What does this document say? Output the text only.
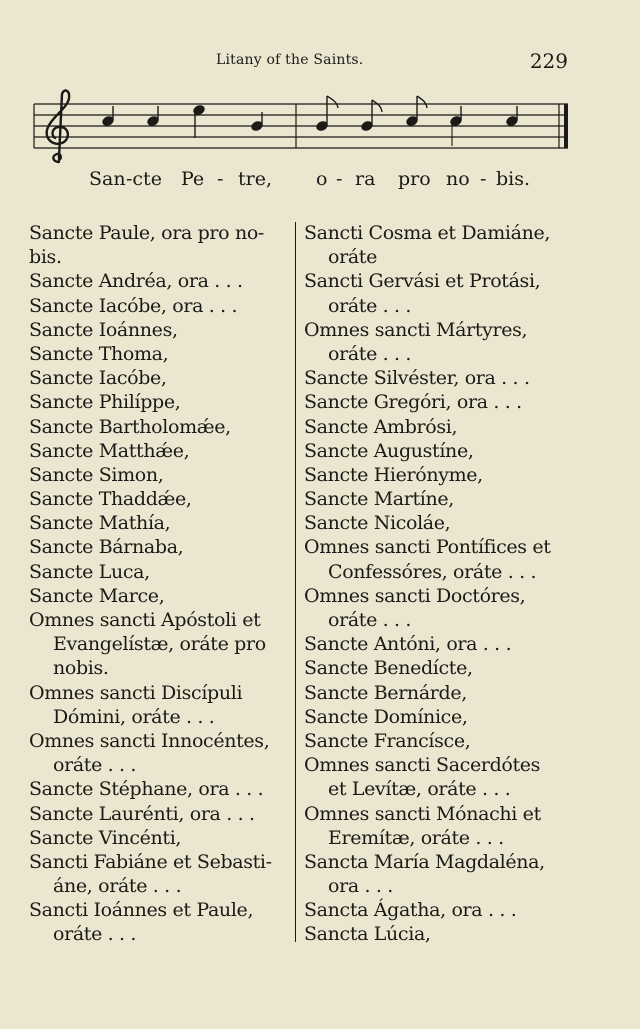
Litany of the Saints.	229
San -cte Pe - tre, o - ra pro no - bis.
Sancte Paule, ora pro no-
bis.
Sancte Andréa, ora . . .
Sancte Iacóbe, ora . . .
Sancte Ioánnes,
Sancte Thoma,
Sancte Iacóbe,
Sancte Philíppe,
Sancte Bartholomǽe,
Sancte Matthǽe,
Sancte Simon,
Sancte Thaddǽe,
Sancte Mathía,
Sancte Bárnaba,
Sancte Luca,
Sancte Marce,
Omnes sancti Apóstoli et
Evangelístæ, oráte pro
nobis.
Omnes sancti Discípuli
Dómini, oráte . . .
Omnes sancti Innocéntes,
oráte . . .
Sancte Stéphane, ora . . .
Sancte Laurénti, ora . . .
Sancte Vincénti,
Sancti Fabiáne et Sebasti-
áne, oráte . . .
Sancti Ioánnes et Paule,
oráte . . .
Sancti Cosma et Damiáne,
oráte
Sancti Gervási et Protási,
oráte . . .
Omnes sancti Mártyres,
oráte . . .
Sancte Silvéster, ora . . .
Sancte Gregóri, ora . . .
Sancte Ambrósi,
Sancte Augustíne,
Sancte Hierónyme,
Sancte Martíne,
Sancte Nicoláe,
Omnes sancti Pontífices et
Confessóres, oráte . . .
Omnes sancti Doctóres,
oráte . . .
Sancte Antóni, ora . . .
Sancte Benedícte,
Sancte Bernárde,
Sancte Domínice,
Sancte Francísce,
Omnes sancti Sacerdótes
et Levítæ, oráte . . .
Omnes sancti Mónachi et
Eremítæ, oráte . . .
Sancta María Magdaléna,
ora . . .
Sancta Ágatha, ora . . .
Sancta Lúcia,
